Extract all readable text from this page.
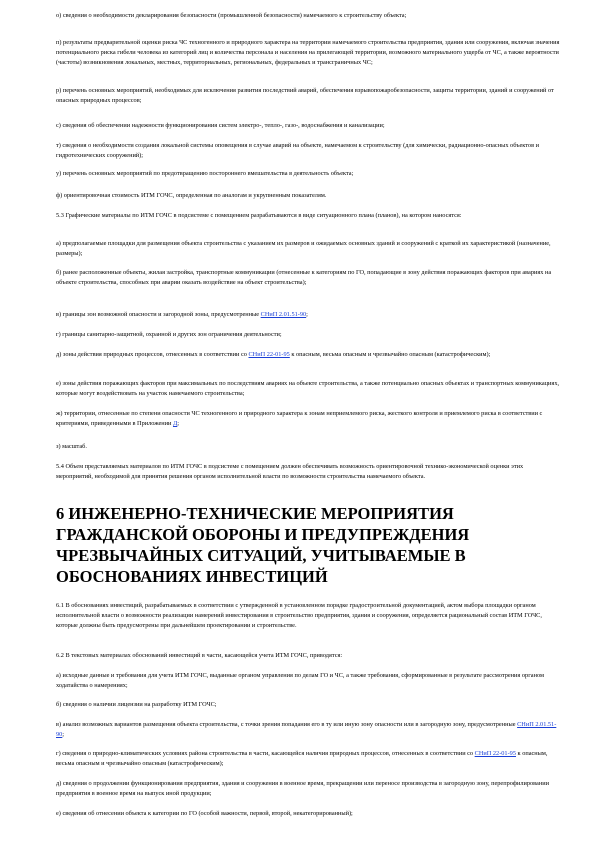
о) сведения о необходимости декларирования безопасности (промышленной безопасности) намечаемого к строительству объекта;

п) результаты предварительной оценки риска ЧС техногенного и природного характера на территории намечаемого строительства предприятия, здания или сооружения, включая значения потенциального риска гибели человека из категорий лиц и количества персонала и населения на прилегающей территории, возможного материального ущерба от ЧС, а также вероятности (частоты) возникновения локальных, местных, территориальных, региональных, федеральных и трансграничных ЧС;

р) перечень основных мероприятий, необходимых для исключения развития последствий аварий, обеспечения взрывопожаробезопасности, защиты территории, зданий и сооружений от опасных природных процессов;

с) сведения об обеспечении надежности функционирования систем электро-, тепло-, газо-, водоснабжения и канализации;

т) сведения о необходимости создания локальной системы оповещения в случае аварий на объекте, намечаемом к строительству (для химически, радиационно-опасных объектов и гидротехнических сооружений);

у) перечень основных мероприятий по предотвращению постороннего вмешательства в деятельность объекта;

ф) ориентировочная стоимость ИТМ ГОЧС, определенная по аналогам и укрупненным показателям.

5.3 Графические материалы по ИТМ ГОЧС в подсистеме с помещением разрабатываются в виде ситуационного плана (планов), на котором наносятся:

а) предполагаемые площадки для размещения объекта строительства с указанием их размеров и ожидаемых основных зданий и сооружений с краткой их характеристикой (назначение, размеры);

б) ранее расположенные объекты, жилая застройка, транспортные коммуникации (отнесенные к категориям по ГО, попадающие в зону действия поражающих факторов при авариях на объекте строительства, способных при аварии оказать воздействие на объект строительства);

в) границы зон возможной опасности и загородной зоны, предусмотренные СНиП 2.01.51-90;

г) границы санитарно-защитной, охранной и других зон ограничения деятельности;

д) зоны действия природных процессов, отнесенных в соответствии со СНиП 22-01-95 к опасным, весьма опасным и чрезвычайно опасным (катастрофическим);

е) зоны действия поражающих факторов при максимальных по последствиям авариях на объекте строительства, а также потенциально опасных объектах и транспортных коммуникациях, которые могут воздействовать на участок намечаемого строительства;

ж) территории, отнесенные по степени опасности ЧС техногенного и природного характера к зонам неприемлемого риска, жесткого контроля и приемлемого риска в соответствии с критериями, приведенными в Приложении Д;

з) масштаб.

5.4 Объем представляемых материалов по ИТМ ГОЧС в подсистеме с помещением должен обеспечивать возможность ориентировочной технико-экономической оценки этих мероприятий, необходимой для принятия решения органом исполнительной власти по возможности строительства намечаемого объекта.

6 ИНЖЕНЕРНО-ТЕХНИЧЕСКИЕ МЕРОПРИЯТИЯ ГРАЖДАНСКОЙ ОБОРОНЫ И ПРЕДУПРЕЖДЕНИЯ ЧРЕЗВЫЧАЙНЫХ СИТУАЦИЙ, УЧИТЫВАЕМЫЕ В ОБОСНОВАНИЯХ ИНВЕСТИЦИЙ

6.1 В обоснованиях инвестиций, разрабатываемых в соответствии с утвержденной в установленном порядке градостроительной документацией, актом выбора площадки органом исполнительной власти о возможности реализации намерений инвестирования в строительство предприятия, здания и сооружения, определяется рациональный состав ИТМ ГОЧС, которые должны быть предусмотрены при дальнейшем проектировании и строительстве.

6.2 В текстовых материалах обоснований инвестиций в части, касающейся учета ИТМ ГОЧС, приводятся:

а) исходные данные и требования для учета ИТМ ГОЧС, выданные органом управления по делам ГО и ЧС, а также требования, сформированные в результате рассмотрения органом ходатайства о намерениях;

б) сведения о наличии лицензии на разработку ИТМ ГОЧС;

в) анализ возможных вариантов размещения объекта строительства, с точки зрения попадания его в ту или иную зону опасности или в загородную зону, предусмотренные СНиП 2.01.51-90;

г) сведения о природно-климатических условиях района строительства в части, касающейся наличия природных процессов, отнесенных в соответствии со СНиП 22-01-95 к опасным, весьма опасным и чрезвычайно опасным (катастрофическим);

д) сведения о продолжении функционирования предприятия, здания и сооружения в военное время, прекращении или переносе производства в загородную зону, перепрофилировании предприятия в военное время на выпуск иной продукции;

е) сведения об отнесении объекта к категории по ГО (особой важности, первой, второй, некатегорированный);
